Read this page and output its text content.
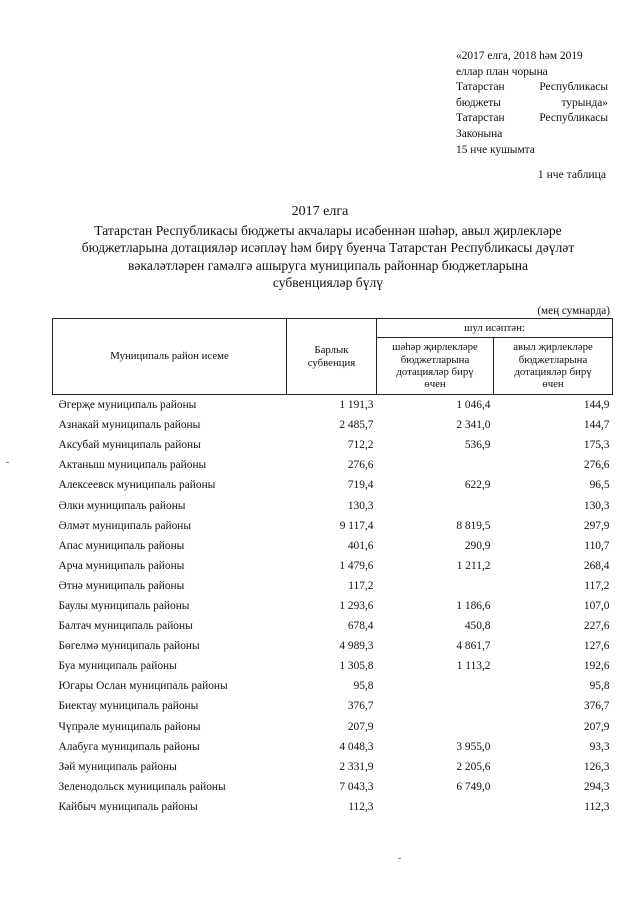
«2017 елга, 2018 һәм 2019
еллар план чорына
Татарстан	Республикасы
бюджеты	турында»
Татарстан	Республикасы
Законына
15 нче кушымта
1 нче таблица
2017 елга
Татарстан Республикасы бюджеты акчалары исәбеннән шәһәр, авыл җирлекләре
бюджетларына дотацияләр исәпләү һәм бирү буенча Татарстан Республикасы дәүләт
вәкаләтләрен гамәлгә ашыруга муниципаль районнар бюджетларына
субвенцияләр бүлү
(мең сумнарда)
Муниципаль район исеме	Барлык субвенция	шул исәптән:	
		шәһәр җирлекләре бюджетларына дотацияләр бирү өчен	авыл җирлекләре бюджетларына дотацияләр бирү өчен
Әгерҗе муниципаль районы	1 191,3	1 046,4	144,9
Азнакай муниципаль районы	2 485,7	2 341,0	144,7
Аксубай муниципаль районы	712,2	536,9	175,3
Актаныш муниципаль районы	276,6		276,6
Алексеевск муниципаль районы	719,4	622,9	96,5
Әлки муниципаль районы	130,3		130,3
Әлмәт муниципаль районы	9 117,4	8 819,5	297,9
Апас муниципаль районы	401,6	290,9	110,7
Арча муниципаль районы	1 479,6	1 211,2	268,4
Әтнә муниципаль районы	117,2		117,2
Баулы муниципаль районы	1 293,6	1 186,6	107,0
Балтач муниципаль районы	678,4	450,8	227,6
Бөгелмә муниципаль районы	4 989,3	4 861,7	127,6
Буа муниципаль районы	1 305,8	1 113,2	192,6
Югары Ослан муниципаль районы	95,8		95,8
Биектау муниципаль районы	376,7		376,7
Чүпрәле муниципаль районы	207,9		207,9
Алабуга муниципаль районы	4 048,3	3 955,0	93,3
Зәй муниципаль районы	2 331,9	2 205,6	126,3
Зеленодольск муниципаль районы	7 043,3	6 749,0	294,3
Кайбыч муниципаль районы	112,3		112,3
